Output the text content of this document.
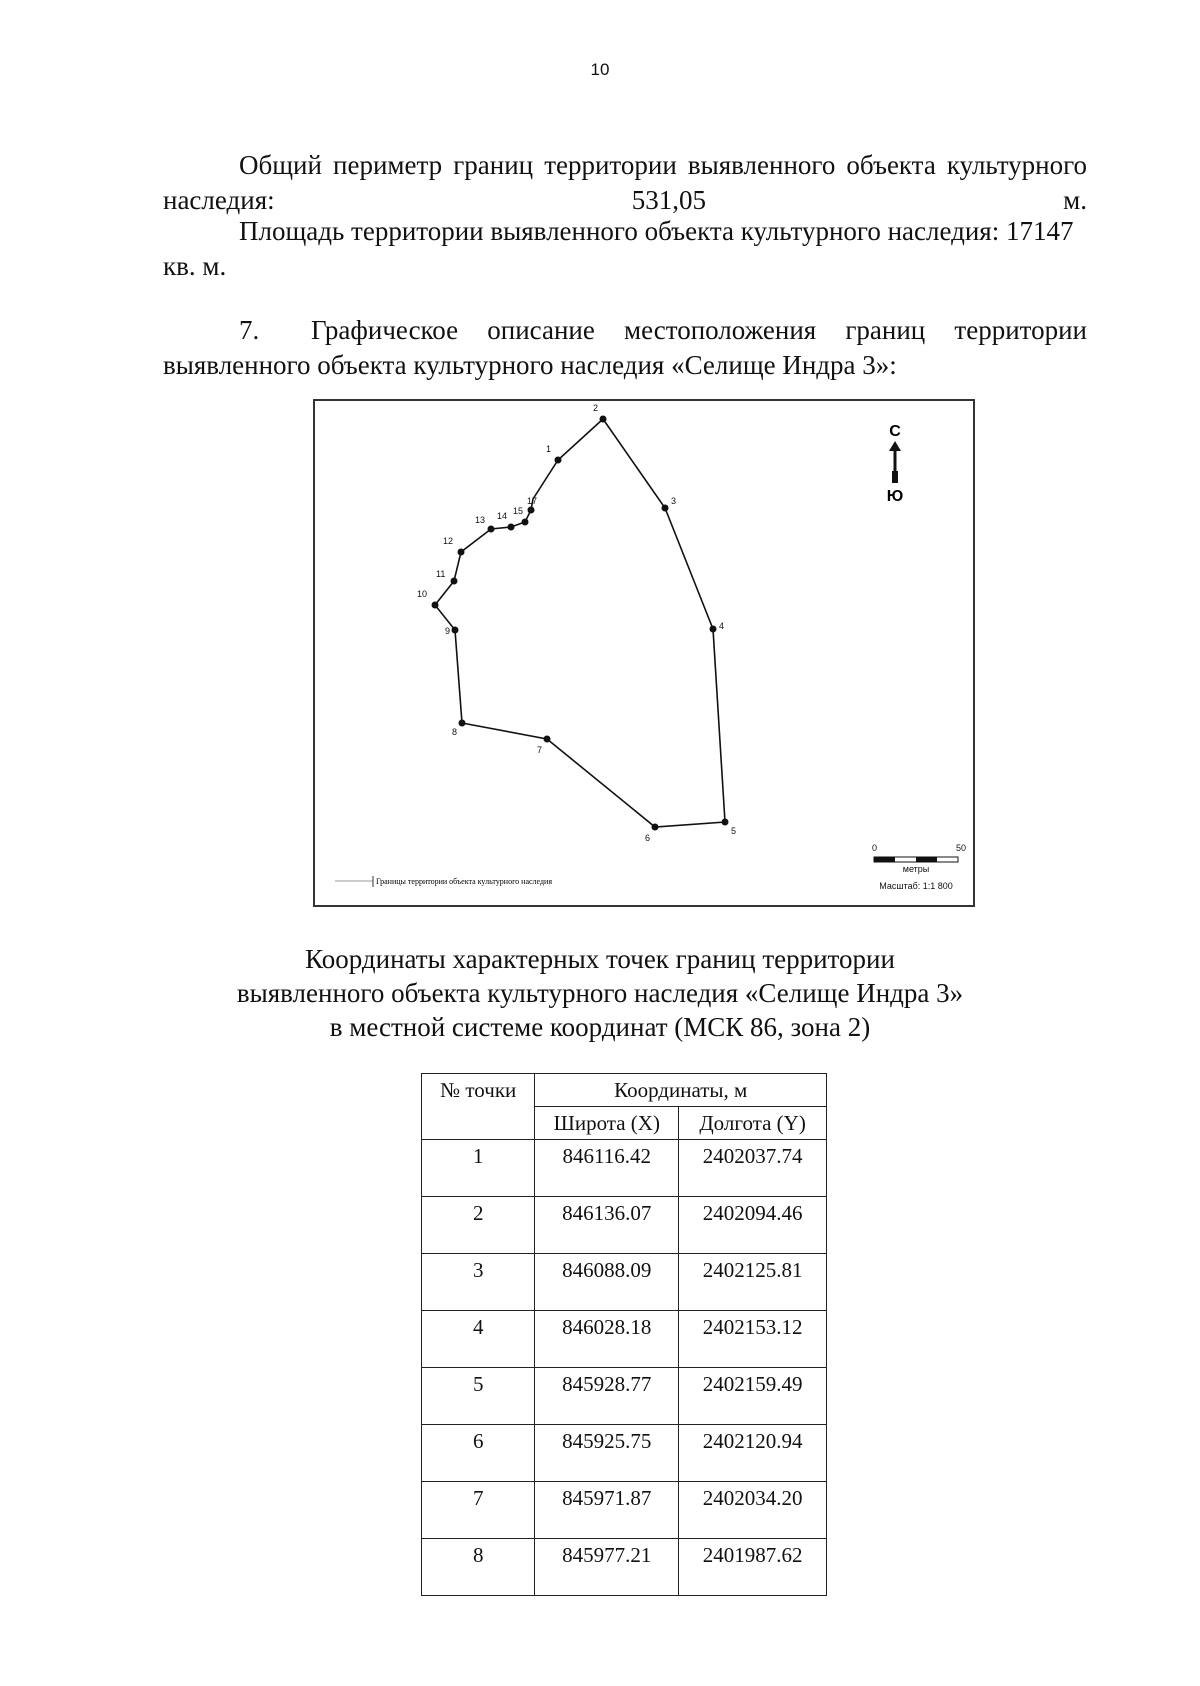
10
Общий периметр границ территории выявленного объекта культурного наследия: 531,05 м.
Площадь территории выявленного объекта культурного наследия: 17147 кв. м.
7. Графическое описание местоположения границ территории выявленного объекта культурного наследия «Селище Индра 3»:
1
2
3
4
5
6
7
8
9
10
11
12
13 14 15
17
С
Ю
Границы территории объекта культурного наследия
0	50
метры
Масштаб: 1:1 800
Координаты характерных точек границ территории
выявленного объекта культурного наследия «Селище Индра 3»
в местной системе координат (МСК 86, зона 2)
№ точки	Координаты, м	
	Широта (X)	Долгота (Y)
1	846116.42	2402037.74
2	846136.07	2402094.46
3	846088.09	2402125.81
4	846028.18	2402153.12
5	845928.77	2402159.49
6	845925.75	2402120.94
7	845971.87	2402034.20
8	845977.21	2401987.62
